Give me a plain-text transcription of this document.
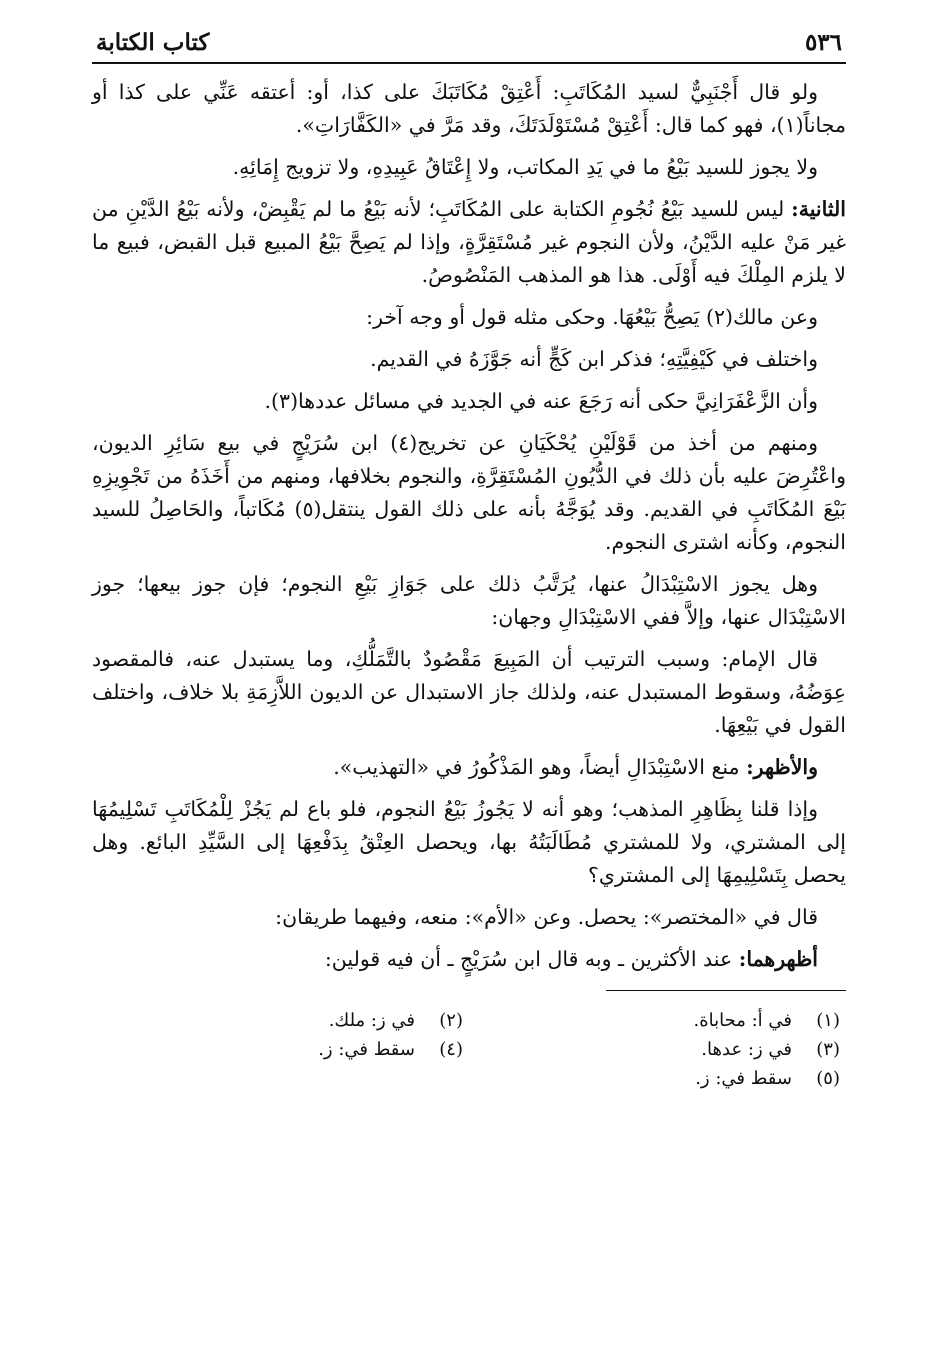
٥٣٦
كتاب الكتابة

ولو قال أَجْنَبِيٌّ لسيد المُكَاتَبِ: أَعْتِقْ مُكَاتَبَكَ على كذا، أو: أعتقه عَنِّي على كذا أو مجاناً(١)، فهو كما قال: أَعْتِقْ مُسْتَوْلَدَتَكَ، وقد مَرَّ في «الكَفَّارَاتِ».

ولا يجوز للسيد بَيْعُ ما في يَدِ المكاتب، ولا إِعْتَاقُ عَبِيدِهِ، ولا تزويج إِمَائِهِ.

الثانية: ليس للسيد بَيْعُ نُجُومِ الكتابة على المُكَاتَبِ؛ لأنه بَيْعُ ما لم يَقْبِضْ، ولأنه بَيْعُ الدَّيْنِ من غير مَنْ عليه الدَّيْنُ، ولأن النجوم غير مُسْتَقِرَّةٍ، وإذا لم يَصِحَّ بَيْعُ المبيع قبل القبض، فبيع ما لا يلزم المِلْكَ فيه أَوْلَى. هذا هو المذهب المَنْصُوصُ.

وعن مالك(٢) يَصِحُّ بَيْعُهَا. وحكى مثله قول أو وجه آخر:

واختلف في كَيْفِيَّتِهِ؛ فذكر ابن كَجٍّ أنه جَوَّزَهُ في القديم.

وأن الزَّعْفَرَانِيَّ حكى أنه رَجَعَ عنه في الجديد في مسائل عددها(٣).

ومنهم من أخذ من قَوْلَيْنِ يُحْكَيَانِ عن تخريج(٤) ابن سُرَيْجٍ في بيع سَائِرِ الديون، واعْتُرِضَ عليه بأن ذلك في الدُّيُونِ المُسْتَقِرَّةِ، والنجوم بخلافها، ومنهم من أَخَذَهُ من تَجْوِيزِهِ بَيْعَ المُكَاتَبِ في القديم. وقد يُوَجَّهُ بأنه على ذلك القول ينتقل(٥) مُكَاتباً، والحَاصِلُ للسيد النجوم، وكأنه اشترى النجوم.

وهل يجوز الاسْتِبْدَالُ عنها، يُرَتَّبُ ذلك على جَوَازِ بَيْعِ النجوم؛ فإن جوز بيعها؛ جوز الاسْتِبْدَال عنها، وإلاَّ ففي الاسْتِبْدَالِ وجهان:

قال الإمام: وسبب الترتيب أن المَبِيعَ مَقْصُودٌ بالتَّمَلُّكِ، وما يستبدل عنه، فالمقصود عِوَضُهُ، وسقوط المستبدل عنه، ولذلك جاز الاستبدال عن الديون اللاَّزِمَةِ بلا خلاف، واختلف القول في بَيْعِهَا.

والأظهر: منع الاسْتِبْدَالِ أيضاً، وهو المَذْكُورُ في «التهذيب».

وإذا قلنا بِظَاهِرِ المذهب؛ وهو أنه لا يَجُوزُ بَيْعُ النجوم، فلو باع لم يَجُزْ لِلْمُكَاتَبِ تَسْلِيمُهَا إلى المشتري، ولا للمشتري مُطَالَبَتُهُ بها، ويحصل العِتْقُ بِدَفْعِهَا إلى السَّيِّدِ البائع. وهل يحصل بِتَسْلِيمِهَا إلى المشتري؟

قال في «المختصر»: يحصل. وعن «الأم»: منعه، وفيهما طريقان:

أظهرهما: عند الأكثرين ـ وبه قال ابن سُرَيْجٍ ـ أن فيه قولين:

(١)
في أ: محاباة.
(٢)
في ز: ملك.
(٣)
في ز: عدها.
(٤)
سقط في: ز.
(٥)
سقط في: ز.
